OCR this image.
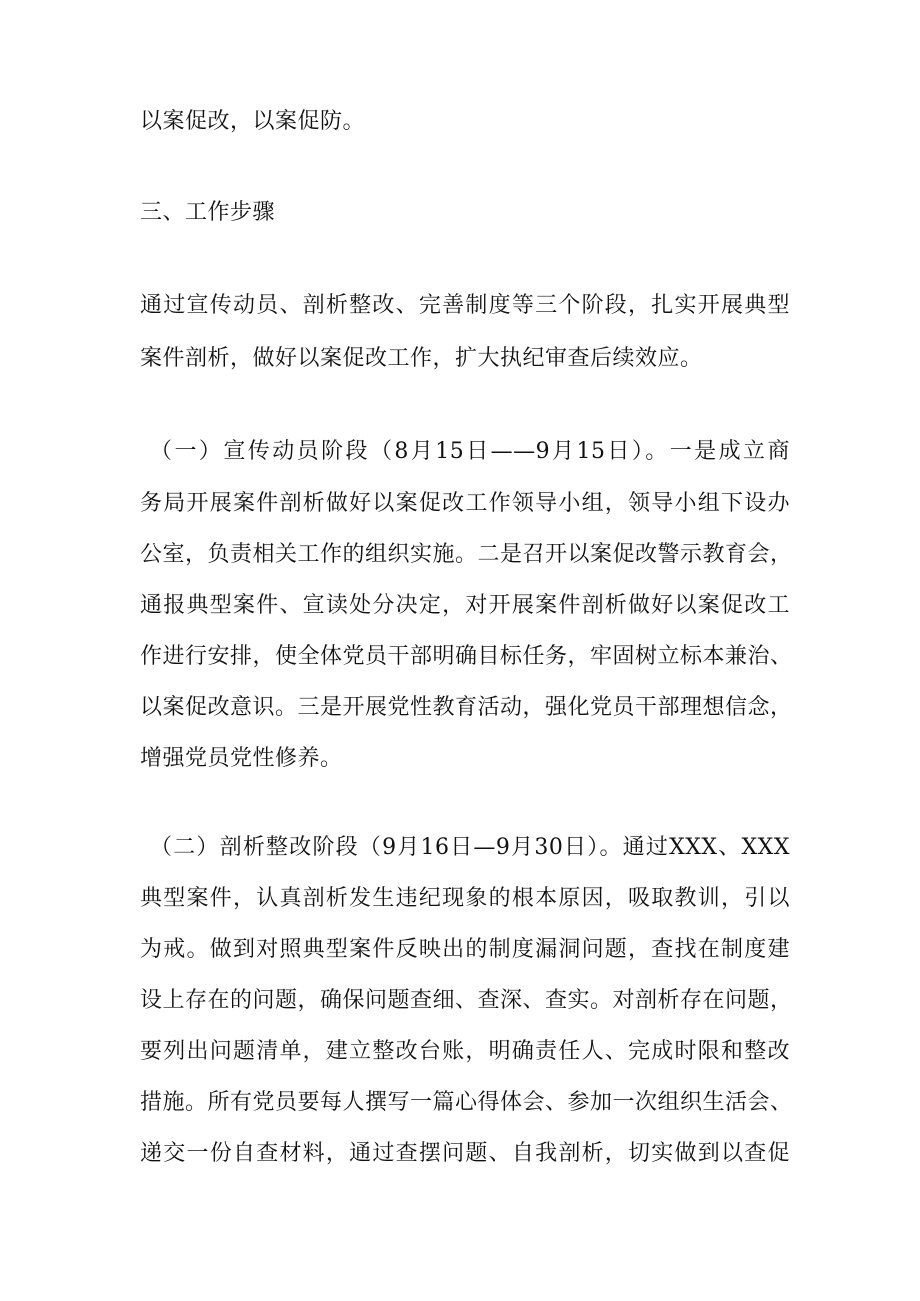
以案促改，以案促防。
三、工作步骤
通过宣传动员、剖析整改、完善制度等三个阶段，扎实开展典型
案件剖析，做好以案促改工作，扩大执纪审查后续效应。
（一）宣传动员阶段（8月15日——9月15日）。一是成立商
务局开展案件剖析做好以案促改工作领导小组，领导小组下设办
公室，负责相关工作的组织实施。二是召开以案促改警示教育会，
通报典型案件、宣读处分决定，对开展案件剖析做好以案促改工
作进行安排，使全体党员干部明确目标任务，牢固树立标本兼治、
以案促改意识。三是开展党性教育活动，强化党员干部理想信念，
增强党员党性修养。
（二）剖析整改阶段（9月16日—9月30日）。通过XXX、XXX
典型案件，认真剖析发生违纪现象的根本原因，吸取教训，引以
为戒。做到对照典型案件反映出的制度漏洞问题，查找在制度建
设上存在的问题，确保问题查细、查深、查实。对剖析存在问题，
要列出问题清单，建立整改台账，明确责任人、完成时限和整改
措施。所有党员要每人撰写一篇心得体会、参加一次组织生活会、
递交一份自查材料，通过查摆问题、自我剖析，切实做到以查促
